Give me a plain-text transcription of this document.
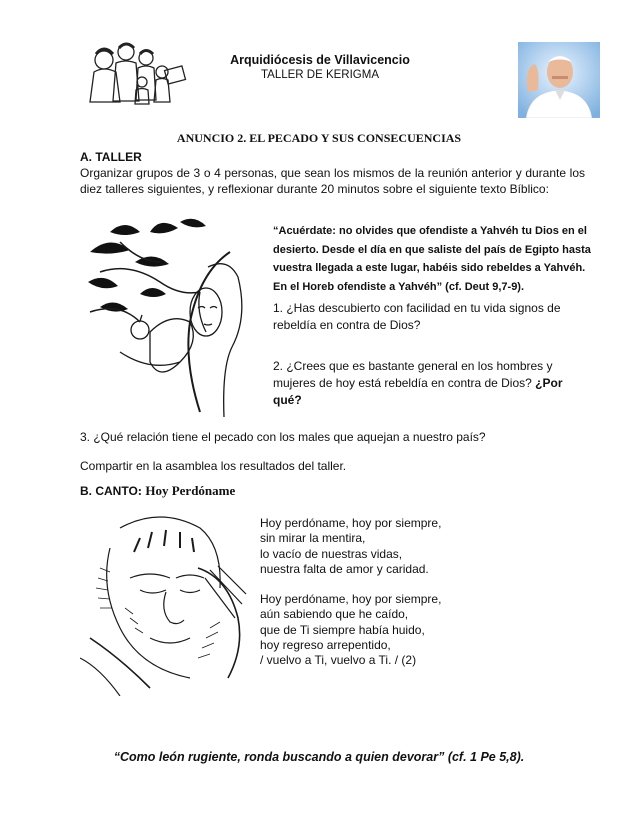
Arquidiócesis de Villavicencio
TALLER DE KERIGMA
ANUNCIO 2. EL PECADO Y SUS CONSECUENCIAS
A. TALLER
Organizar grupos de 3 o 4 personas, que sean los mismos de la reunión anterior y durante los diez talleres siguientes, y reflexionar durante 20 minutos sobre el siguiente texto Bíblico:
“Acuérdate: no olvides que ofendiste a Yahvéh tu Dios en el
desierto. Desde el día en que saliste del país de Egipto hasta
vuestra llegada a este lugar, habéis sido rebeldes a Yahvéh.
En el Horeb ofendiste a Yahvéh” (cf. Deut 9,7-9).
1. ¿Has descubierto con facilidad en tu vida signos de rebeldía en contra de Dios?
2. ¿Crees que es bastante general en los hombres y mujeres de hoy está rebeldía en contra de Dios? ¿Por qué?
3. ¿Qué relación tiene el pecado con los males que aquejan a nuestro país?
Compartir en la asamblea los resultados del taller.
B. CANTO: Hoy Perdóname
Hoy perdóname, hoy por siempre,
sin mirar la mentira,
lo vacío de nuestras vidas,
nuestra falta de amor y caridad.
Hoy perdóname, hoy por siempre,
aún sabiendo que he caído,
que de Ti siempre había huido,
hoy regreso arrepentido,
/ vuelvo a Ti, vuelvo a Ti. / (2)
“Como león rugiente, ronda buscando a quien devorar” (cf. 1 Pe 5,8).
